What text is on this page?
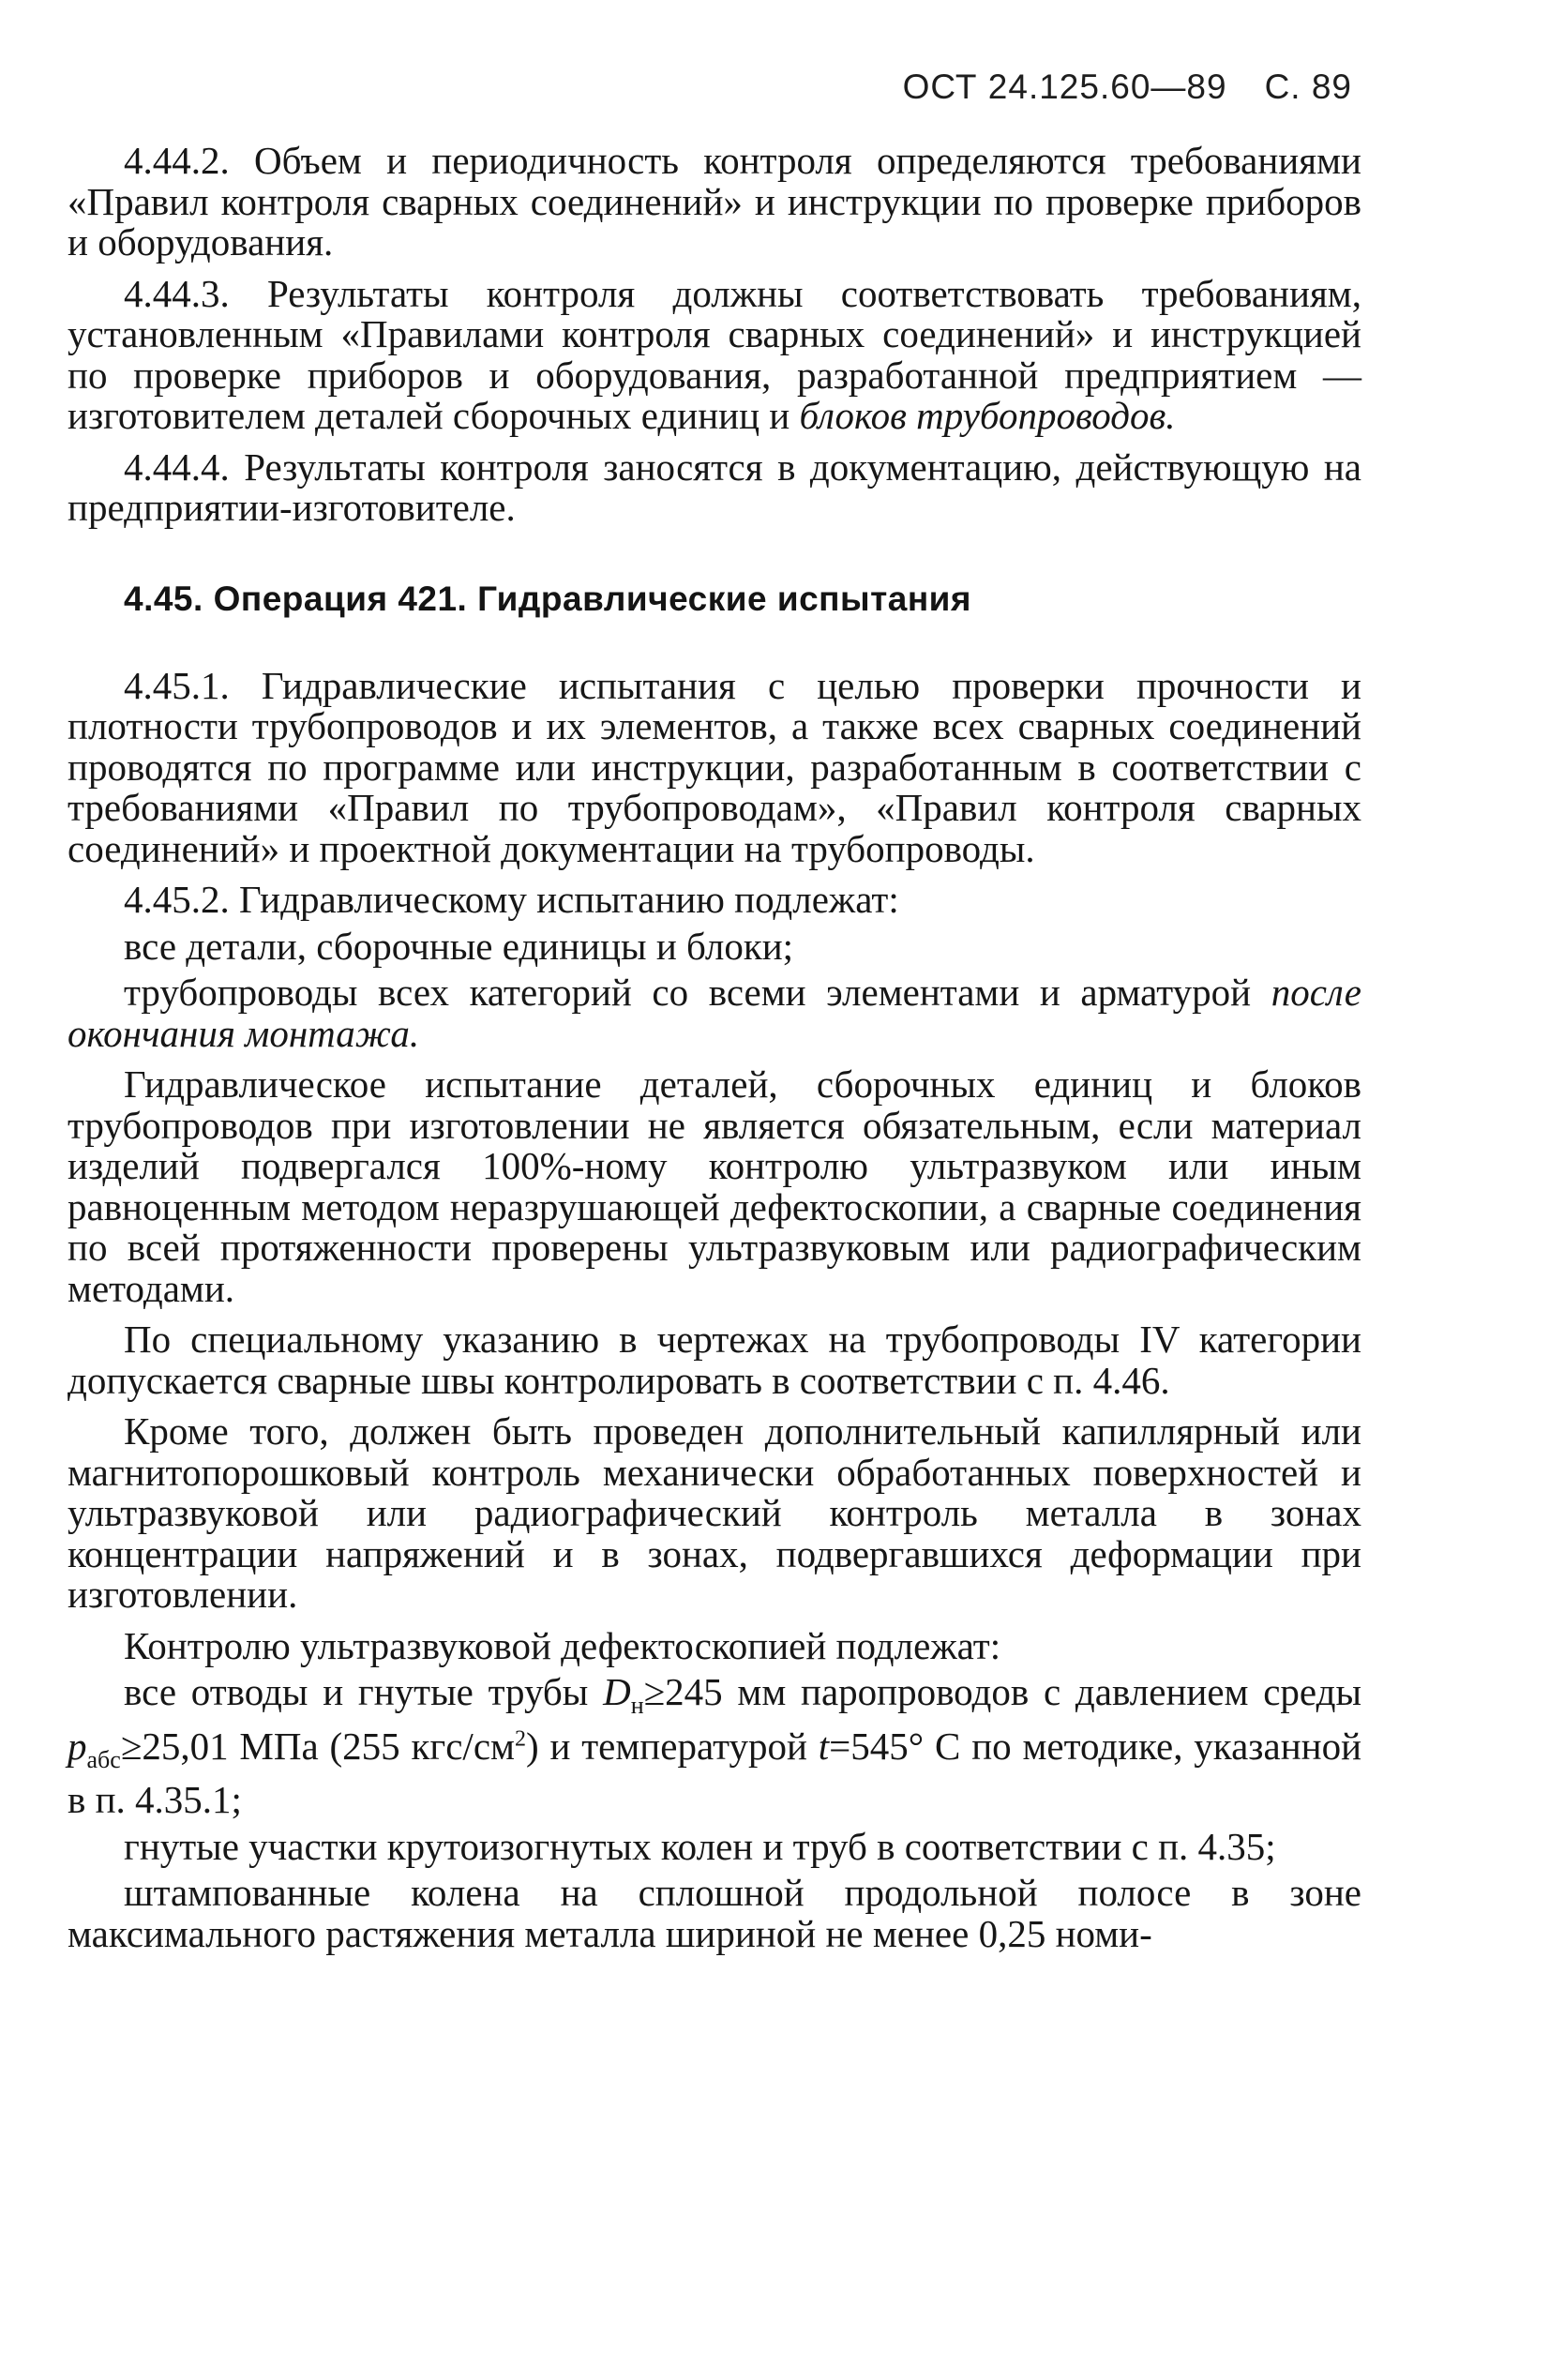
ОСТ 24.125.60—89 С. 89

4.44.2. Объем и периодичность контроля определяются требованиями «Правил контроля сварных соединений» и инструкции по проверке приборов и оборудования.

4.44.3. Результаты контроля должны соответствовать требованиям, установленным «Правилами контроля сварных соединений» и инструкцией по проверке приборов и оборудования, разработанной предприятием — изготовителем деталей сборочных единиц и блоков трубопроводов.

4.44.4. Результаты контроля заносятся в документацию, действующую на предприятии-изготовителе.

4.45. Операция 421. Гидравлические испытания

4.45.1. Гидравлические испытания с целью проверки прочности и плотности трубопроводов и их элементов, а также всех сварных соединений проводятся по программе или инструкции, разработанным в соответствии с требованиями «Правил по трубопроводам», «Правил контроля сварных соединений» и проектной документации на трубопроводы.

4.45.2. Гидравлическому испытанию подлежат:

все детали, сборочные единицы и блоки;

трубопроводы всех категорий со всеми элементами и арматурой после окончания монтажа.

Гидравлическое испытание деталей, сборочных единиц и блоков трубопроводов при изготовлении не является обязательным, если материал изделий подвергался 100%-ному контролю ультразвуком или иным равноценным методом неразрушающей дефектоскопии, а сварные соединения по всей протяженности проверены ультразвуковым или радиографическим методами.

По специальному указанию в чертежах на трубопроводы IV категории допускается сварные швы контролировать в соответствии с п. 4.46.

Кроме того, должен быть проведен дополнительный капиллярный или магнитопорошковый контроль механически обработанных поверхностей и ультразвуковой или радиографический контроль металла в зонах концентрации напряжений и в зонах, подвергавшихся деформации при изготовлении.

Контролю ультразвуковой дефектоскопией подлежат:

все отводы и гнутые трубы $D_н\ge 245$ мм паропроводов с давлением среды $p_{абс}\ge 25,01$ МПа (255 кгс/$см^2$) и температурой t=545° С по методике, указанной в п. 4.35.1;

гнутые участки крутоизогнутых колен и труб в соответствии с п. 4.35;

штампованные колена на сплошной продольной полосе в зоне максимального растяжения металла шириной не менее 0,25 номи-
